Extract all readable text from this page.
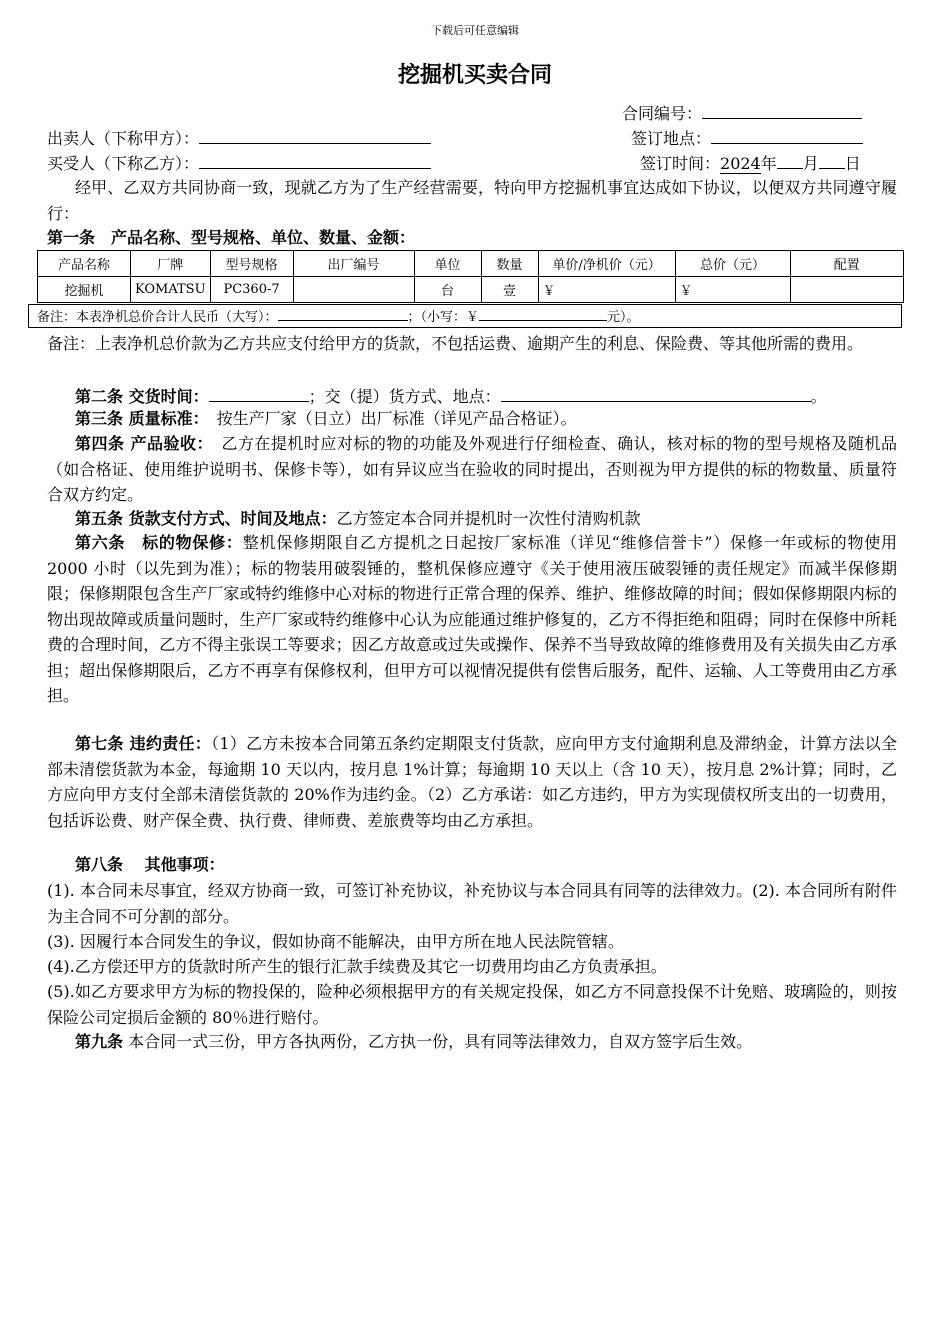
下载后可任意编辑
挖掘机买卖合同
合同编号：
出卖人（下称甲方）：	签订地点：
买受人（下称乙方）：	签订时间：2024年 月 日
经甲、乙双方共同协商一致，现就乙方为了生产经营需要，特向甲方挖掘机事宜达成如下协议，以便双方共同遵守履行：
第一条　产品名称、型号规格、单位、数量、金额：
产品名称	厂牌	型号规格	出厂编号	单位	数量	单价/净机价（元）	总价（元）	配置
挖掘机	KOMATSU	PC360-7		台	壹	￥	￥	
备注：本表净机总价合计人民币（大写）：	；（小写：￥	元）。
备注：上表净机总价款为乙方共应支付给甲方的货款，不包括运费、逾期产生的利息、保险费、等其他所需的费用。
第二条 交货时间：	；交（提）货方式、地点：	。
第三条 质量标准：　按生产厂家（日立）出厂标准（详见产品合格证）。
第四条 产品验收：　乙方在提机时应对标的物的功能及外观进行仔细检查、确认，核对标的物的型号规格及随机品（如合格证、使用维护说明书、保修卡等），如有异议应当在验收的同时提出，否则视为甲方提供的标的物数量、质量符合双方约定。
第五条 货款支付方式、时间及地点：乙方签定本合同并提机时一次性付清购机款
第六条　标的物保修：整机保修期限自乙方提机之日起按厂家标准（详见“维修信誉卡”）保修一年或标的物使用 2000 小时（以先到为准）；标的物装用破裂锤的，整机保修应遵守《关于使用液压破裂锤的责任规定》而减半保修期限；保修期限包含生产厂家或特约维修中心对标的物进行正常合理的保养、维护、维修故障的时间；假如保修期限内标的物出现故障或质量问题时，生产厂家或特约维修中心认为应能通过维护修复的，乙方不得拒绝和阻碍；同时在保修中所耗费的合理时间，乙方不得主张误工等要求；因乙方故意或过失或操作、保养不当导致故障的维修费用及有关损失由乙方承担；超出保修期限后，乙方不再享有保修权利，但甲方可以视情况提供有偿售后服务，配件、运输、人工等费用由乙方承担。
第七条 违约责任：（1）乙方未按本合同第五条约定期限支付货款，应向甲方支付逾期利息及滞纳金，计算方法以全部未清偿货款为本金，每逾期 10 天以内，按月息 1%计算；每逾期 10 天以上（含 10 天），按月息 2%计算；同时，乙方应向甲方支付全部未清偿货款的 20%作为违约金。（2）乙方承诺：如乙方违约，甲方为实现债权所支出的一切费用，包括诉讼费、财产保全费、执行费、律师费、差旅费等均由乙方承担。
第八条　 其他事项：
(1). 本合同未尽事宜，经双方协商一致，可签订补充协议，补充协议与本合同具有同等的法律效力。(2). 本合同所有附件为主合同不可分割的部分。
(3). 因履行本合同发生的争议，假如协商不能解决，由甲方所在地人民法院管辖。
(4).乙方偿还甲方的货款时所产生的银行汇款手续费及其它一切费用均由乙方负责承担。
(5).如乙方要求甲方为标的物投保的，险种必须根据甲方的有关规定投保，如乙方不同意投保不计免赔、玻璃险的，则按保险公司定损后金额的 80％进行赔付。
第九条 本合同一式三份，甲方各执两份，乙方执一份，具有同等法律效力，自双方签字后生效。
